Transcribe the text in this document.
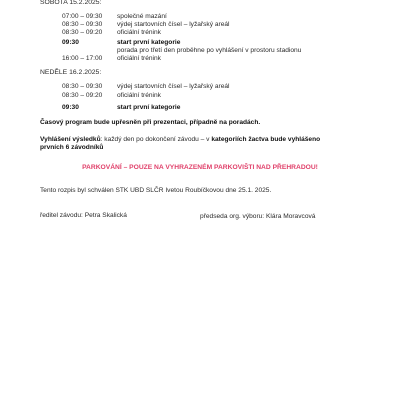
SOBOTA 15.2.2025:
07:00 – 09:30 společné mazání
08:30 – 09:30 výdej startovních čísel – lyžařský areál
08:30 – 09:20 oficiální trénink
09:30	start první kategorie
porada pro třetí den proběhne po vyhlášení v prostoru stadionu
16:00 – 17:00 oficiální trénink
NEDĚLE 16.2.2025:
08:30 – 09:30 výdej startovních čísel – lyžařský areál
08:30 – 09:20 oficiální trénink
09:30	start první kategorie
Časový program bude upřesněn při prezentaci, případně na poradách.
Vyhlášení výsledků: každý den po dokončení závodu – v kategoriích žactva bude vyhlášeno
prvních 6 závodníků
PARKOVÁNÍ – POUZE NA VYHRAZENÉM PARKOVIŠTI NAD PŘEHRADOU!
Tento rozpis byl schválen STK UBD SLČR Ivetou Roubíčkovou dne 25.1. 2025.
ředitel závodu: Petra Skalická	předseda org. výboru: Klára Moravcová
